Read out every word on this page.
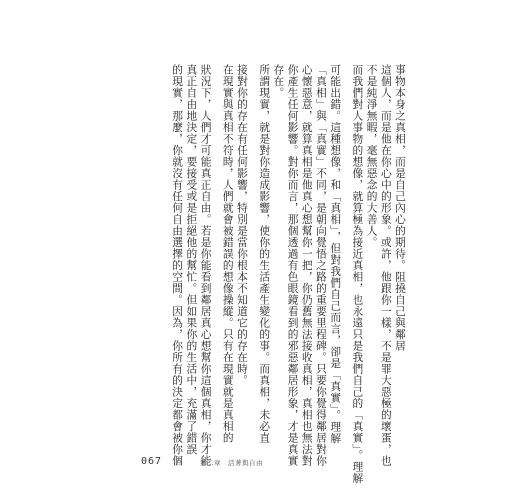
事物本身之真相，而是自己內心的期待。阻撓自己與鄰居
這個人，而是他在你心中的形象。或許，他跟你一樣，不是罪大惡極的壞蛋，也
不是純淨無暇，毫無惡念的大善人。
而我們對人事物的想像，就算極為接近真相，也永遠只是我們自己的「真實」。理解
可能出錯。這種想像，和「真相」，但對我們自己而言，卻是「真實」。理解
「真相」與「真實」不同，是朝向覺悟之路的重要里程碑。只要你覺得鄰居對你
心懷惡意，就算真相是他真心想幫你一把，你仍舊無法接收真相，真相也無法對
你產生任何影響。對你而言，那個透過有色眼鏡看到的邪惡鄰居形象，才是真實
存在。
所謂現實，就是對你造成影響，使你的生活產生變化的事。而真相，未必直
接對你的存在有任何影響，特別是當你根本不知道它的存在時。
在現實與真相不符時，人們就會被錯誤的想像操縱。只有在現實就是真相的
狀況下，人們才可能真正自由。若是你能看到鄰居真心想幫你這個真相，你才能
真正自由地決定，要接受或是拒絕他的幫忙。但如果你的生活中，充滿了錯誤
的現實，那麼，你就沒有任何自由選擇的空間。因為，你所有的決定都會被你個
067	第二章　活著與自由
